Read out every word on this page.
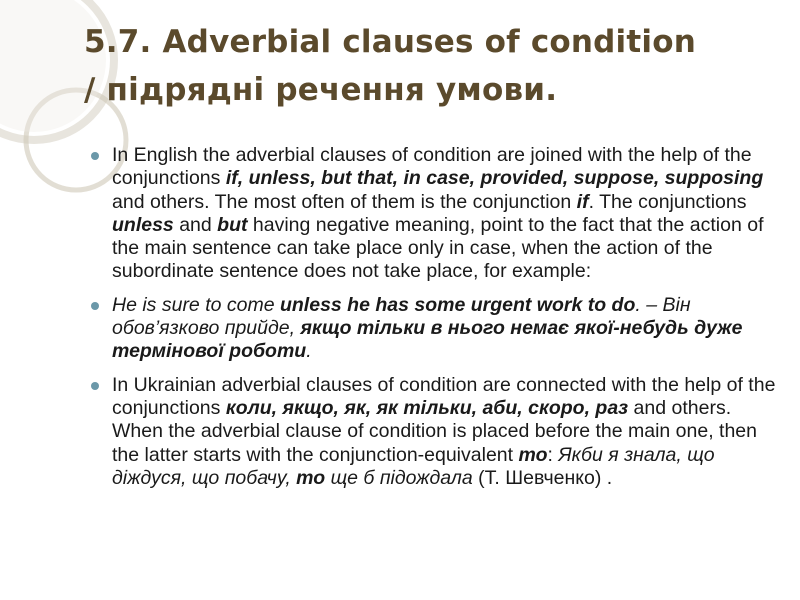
5.7. Adverbial clauses of condition
/ підрядні речення умови.
In English the adverbial clauses of condition are joined with the help of the conjunctions if, unless, but that, in case, provided, suppose, supposing and others. The most often of them is the conjunction if. The conjunctions unless and but having negative meaning, point to the fact that the action of the main sentence can take place only in case, when the action of the subordinate sentence does not take place, for example:
He is sure to come unless he has some urgent work to do. – Він обов’язково прийде, якщо тільки в нього немає якої-небудь дуже термінової роботи.
In Ukrainian adverbial clauses of condition are connected with the help of the conjunctions коли, якщо, як, як тільки, аби, скоро, раз and others. When the adverbial clause of condition is placed before the main one, then the latter starts with the conjunction-equivalent то: Якби я знала, що діждуся, що побачу, то ще б підождала (Т. Шевченко) .
